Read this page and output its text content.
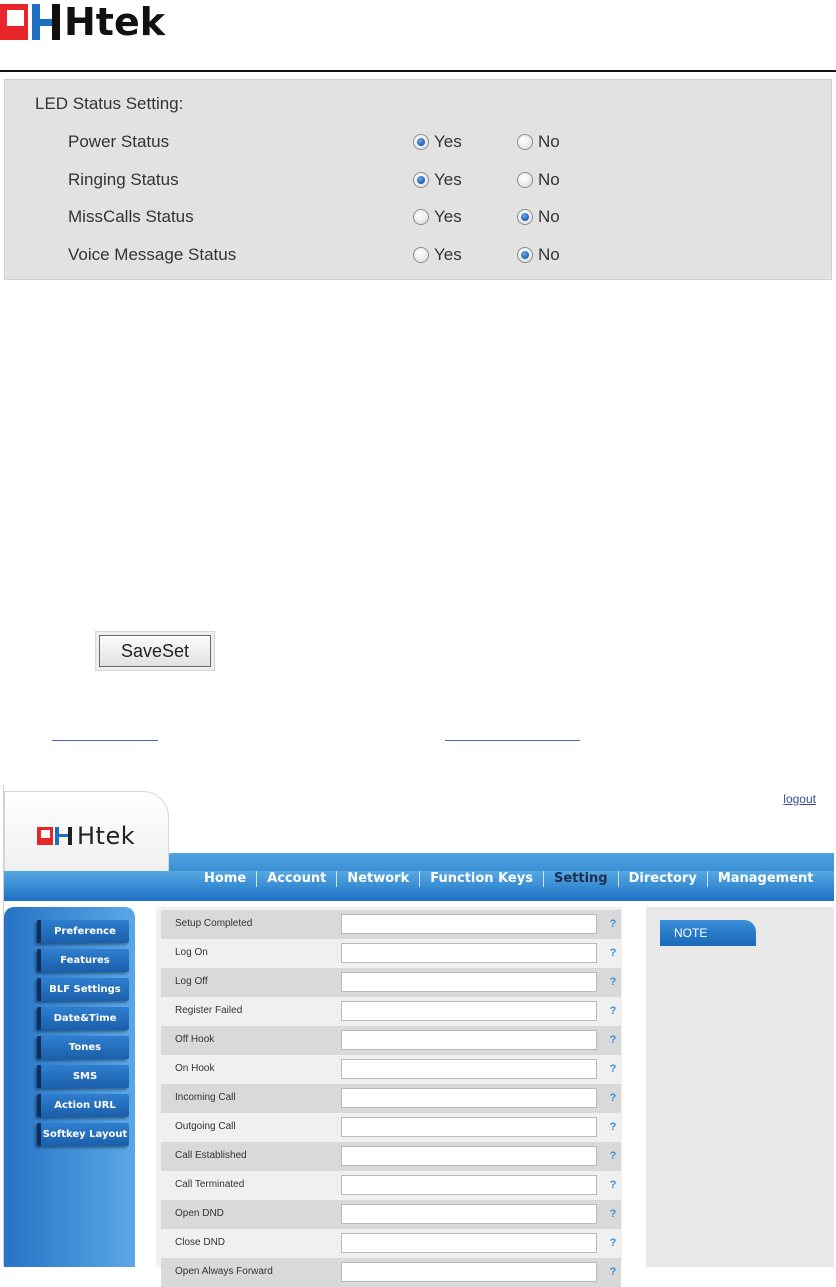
Htek
LED Status Setting:
Power Status	Yes	No
Ringing Status	Yes	No
MissCalls Status	Yes	No
Voice Message Status	Yes	No
SaveSet
Home	Account	Network	Function Keys	Setting	Directory	Management
Htek
logout
Preference
Features
BLF Settings
Date&Time
Tones
SMS
Action URL
Softkey Layout
Setup Completed	?
Log On	?
Log Off	?
Register Failed	?
Off Hook	?
On Hook	?
Incoming Call	?
Outgoing Call	?
Call Established	?
Call Terminated	?
Open DND	?
Close DND	?
Open Always Forward	?
NOTE
